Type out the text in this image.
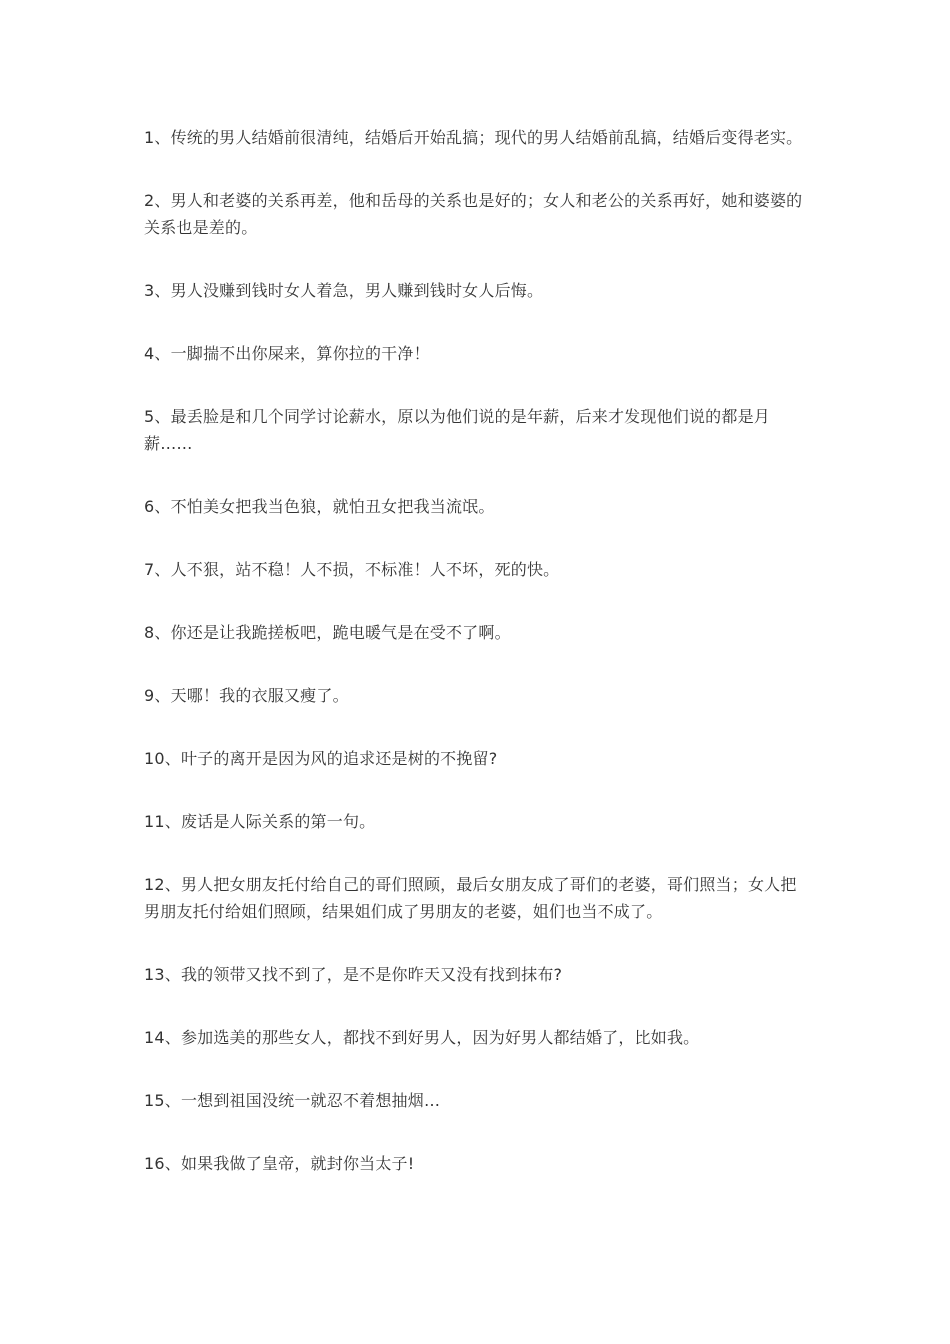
1、传统的男人结婚前很清纯，结婚后开始乱搞；现代的男人结婚前乱搞，结婚后变得老实。

2、男人和老婆的关系再差，他和岳母的关系也是好的；女人和老公的关系再好，她和婆婆的关系也是差的。

3、男人没赚到钱时女人着急，男人赚到钱时女人后悔。

4、一脚揣不出你屎来，算你拉的干净！

5、最丢脸是和几个同学讨论薪水，原以为他们说的是年薪，后来才发现他们说的都是月薪……

6、不怕美女把我当色狼，就怕丑女把我当流氓。

7、人不狠，站不稳！人不损，不标准！人不坏，死的快。

8、你还是让我跪搓板吧，跪电暖气是在受不了啊。

9、天哪！我的衣服又瘦了。

10、叶子的离开是因为风的追求还是树的不挽留?

11、废话是人际关系的第一句。

12、男人把女朋友托付给自己的哥们照顾，最后女朋友成了哥们的老婆，哥们照当；女人把男朋友托付给姐们照顾，结果姐们成了男朋友的老婆，姐们也当不成了。

13、我的领带又找不到了，是不是你昨天又没有找到抹布?

14、参加选美的那些女人，都找不到好男人，因为好男人都结婚了，比如我。

15、一想到祖国没统一就忍不着想抽烟…

16、如果我做了皇帝，就封你当太子!
